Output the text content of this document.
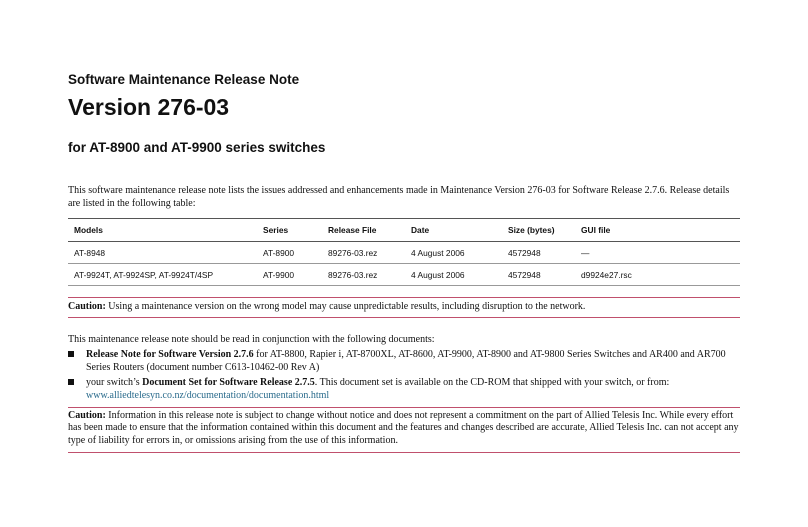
Software Maintenance Release Note
Version 276-03
for AT-8900 and AT-9900 series switches
This software maintenance release note lists the issues addressed and enhancements made in Maintenance Version 276-03 for Software Release 2.7.6. Release details are listed in the following table:
Models	Series	Release File	Date	Size (bytes)	GUI file
AT-8948	AT-8900	89276-03.rez	4 August 2006	4572948	—
AT-9924T, AT-9924SP, AT-9924T/4SP	AT-9900	89276-03.rez	4 August 2006	4572948	d9924e27.rsc
Caution: Using a maintenance version on the wrong model may cause unpredictable results, including disruption to the network.
This maintenance release note should be read in conjunction with the following documents:
Release Note for Software Version 2.7.6 for AT-8800, Rapier i, AT-8700XL, AT-8600, AT-9900, AT-8900 and AT-9800 Series Switches and AR400 and AR700 Series Routers (document number C613-10462-00 Rev A)
your switch’s Document Set for Software Release 2.7.5. This document set is available on the CD-ROM that shipped with your switch, or from:
www.alliedtelesyn.co.nz/documentation/documentation.html
Caution: Information in this release note is subject to change without notice and does not represent a commitment on the part of Allied Telesis Inc. While every effort has been made to ensure that the information contained within this document and the features and changes described are accurate, Allied Telesis Inc. can not accept any type of liability for errors in, or omissions arising from the use of this information.
